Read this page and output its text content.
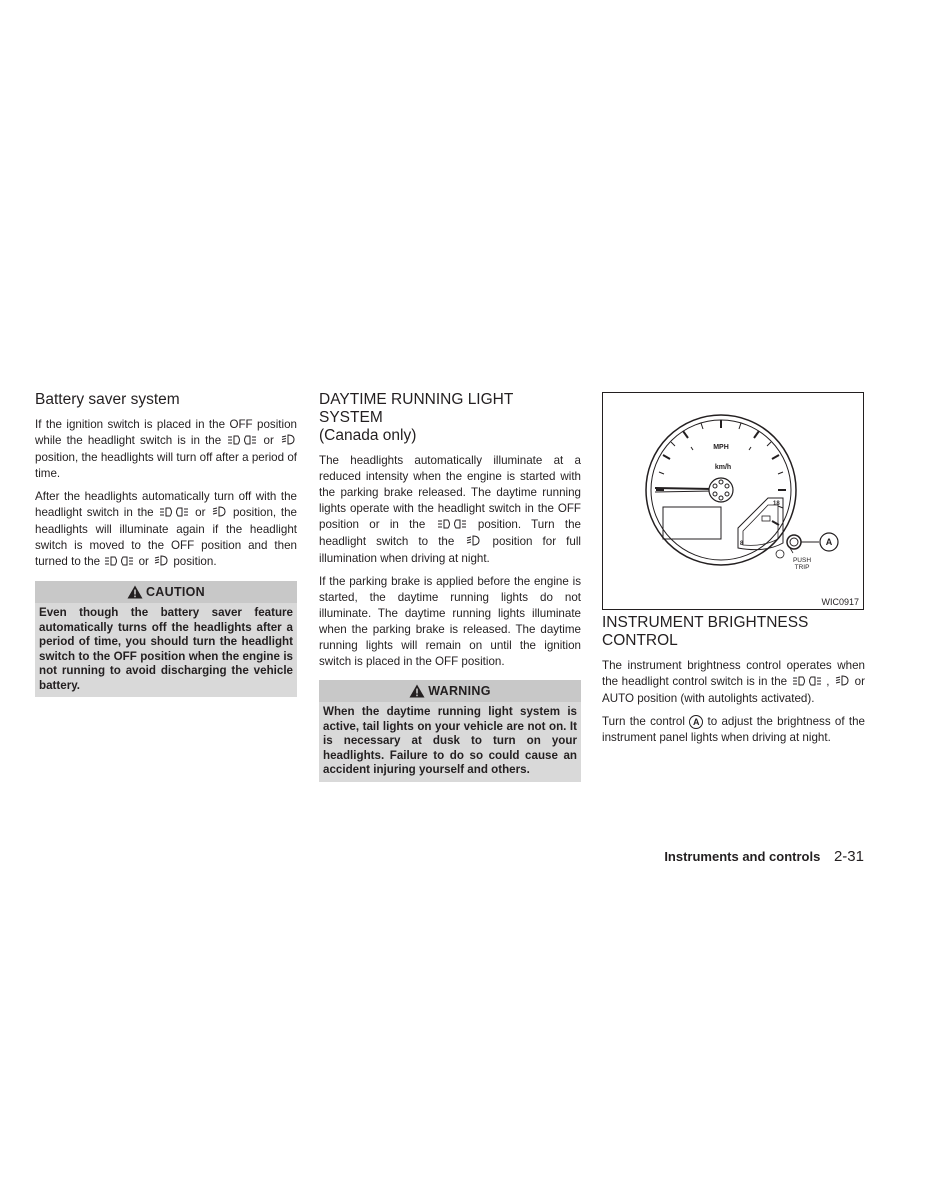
Battery saver system

If the ignition switch is placed in the OFF position while the headlight switch is in the	or  position, the headlights will turn off after a period of time.

After the headlights automatically turn off with the headlight switch in the	or position, the headlights will illuminate again if the headlight switch is moved to the OFF position and then turned to the	or position.

CAUTION
Even though the battery saver feature automatically turns off the headlights after a period of time, you should turn the headlight switch to the OFF position when the engine is not running to avoid discharging the vehicle battery.
DAYTIME RUNNING LIGHT SYSTEM
(Canada only)

The headlights automatically illuminate at a reduced intensity when the engine is started with the parking brake released. The daytime running lights operate with the headlight switch in the OFF position or in the	position. Turn the headlight switch to the	position for full illumination when driving at night.

If the parking brake is applied before the engine is started, the daytime running lights do not illuminate. The daytime running lights illuminate when the parking brake is released. The daytime running lights will remain on until the ignition switch is placed in the OFF position.

WARNING
When the daytime running light system is active, tail lights on your vehicle are not on. It is necessary at dusk to turn on your headlights. Failure to do so could cause an accident injuring yourself and others.
MPH
km/h
8
18
A
PUSH
TRIP
WIC0917
INSTRUMENT BRIGHTNESS
CONTROL

The instrument brightness control operates when the headlight control switch is in the	, or AUTO position (with autolights activated).

Turn the control A to adjust the brightness of the instrument panel lights when driving at night.

Instruments and controls 2-31
